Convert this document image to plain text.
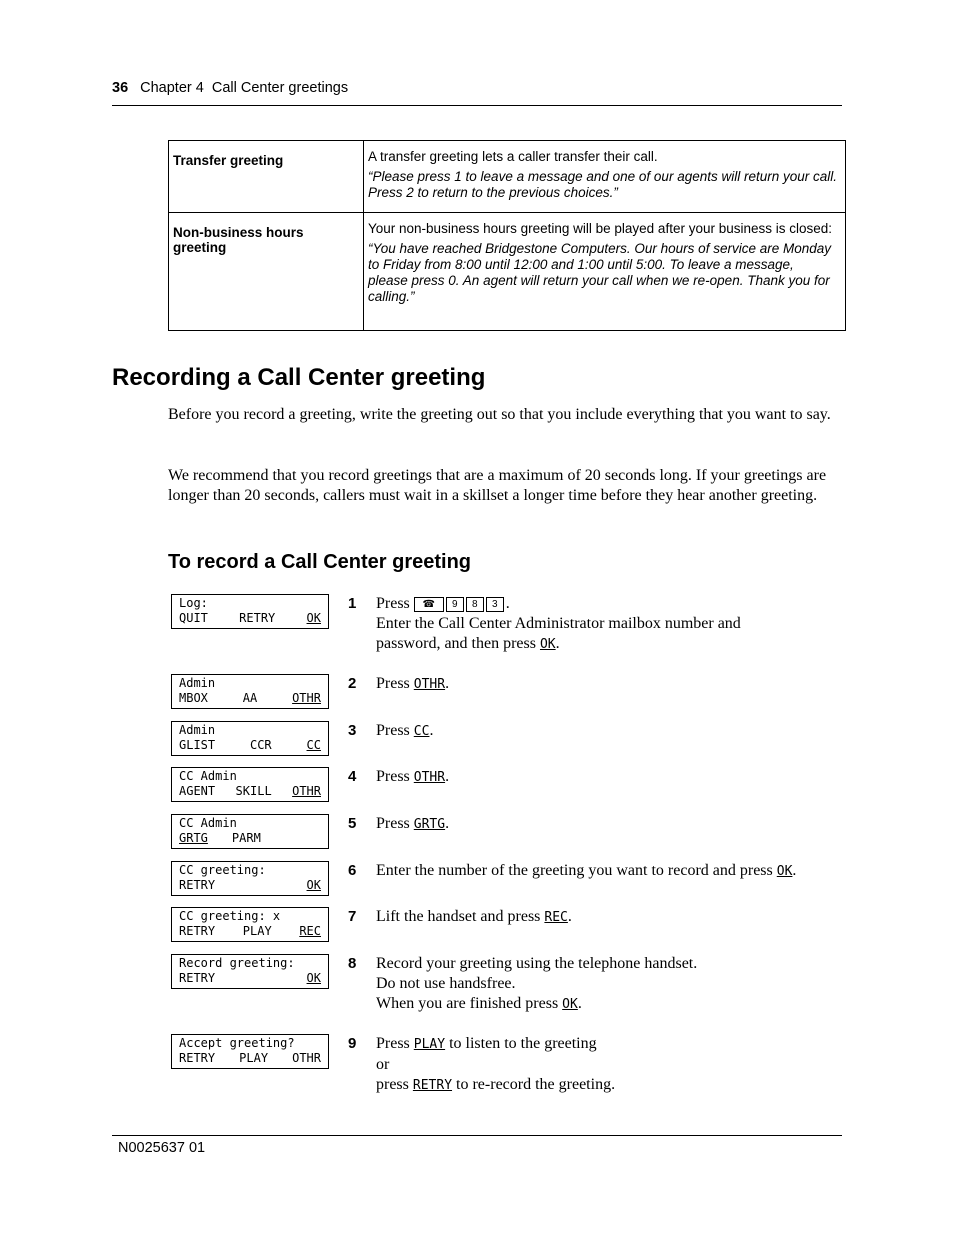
36 Chapter 4  Call Center greetings
Transfer greeting	A transfer greeting lets a caller transfer their call.
“Please press 1 to leave a message and one of our agents will return your call. Press 2 to return to the previous choices.”

Non-business hours greeting	Your non-business hours greeting will be played after your business is closed:
“You have reached Bridgestone Computers. Our hours of service are Monday to Friday from 8:00 until 12:00 and 1:00 until 5:00. To leave a message, please press 0. An agent will return your call when we re-open. Thank you for calling.”
Recording a Call Center greeting

Before you record a greeting, write the greeting out so that you include everything that you want to say.

We recommend that you record greetings that are a maximum of 20 seconds long. If your greetings are longer than 20 seconds, callers must wait in a skillset a longer time before they hear another greeting.

To record a Call Center greeting
Log:
QUIT	RETRY	OK
1 Press ☎ 9 8 3 .
Enter the Call Center Administrator mailbox number and
password, and then press OK.
Admin
MBOX	AA	OTHR
2 Press OTHR.
Admin
GLIST	CCR	CC
3 Press CC.
CC Admin
AGENT SKILL OTHR
4 Press OTHR.
CC Admin
GRTG PARM
5 Press GRTG.
CC greeting:
RETRY	OK
6 Enter the number of the greeting you want to record and press OK.
CC greeting: x
RETRY PLAY REC
7 Lift the handset and press REC.
Record greeting:
RETRY	OK
8 Record your greeting using the telephone handset.
Do not use handsfree.
When you are finished press OK.
Accept greeting?
RETRY PLAY OTHR
9 Press PLAY to listen to the greeting
or
press RETRY to re-record the greeting.
N0025637 01
